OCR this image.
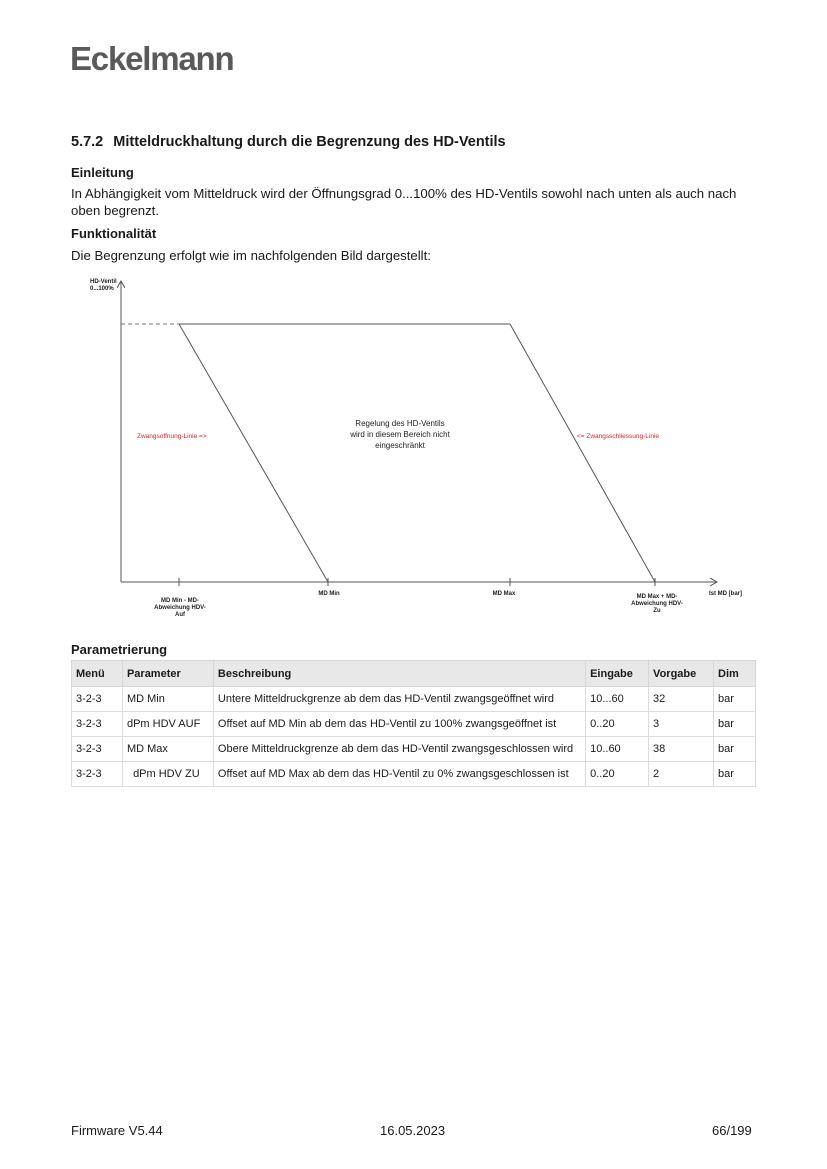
Eckelmann
5.7.2 Mitteldruckhaltung durch die Begrenzung des HD-Ventils
Einleitung
In Abhängigkeit vom Mitteldruck wird der Öffnungsgrad 0...100% des HD-Ventils sowohl nach unten als auch nach oben begrenzt.
Funktionalität
Die Begrenzung erfolgt wie im nachfolgenden Bild dargestellt:
HD-Ventil
0...100%
Ist MD [bar]
MD Min - MD-
Abweichung HDV-
Auf
MD Min	MD Max	MD Max + MD-
Abweichung HDV-
Zu
Zwangsoffnung-Linie =>	<= Zwangsschliessung-Linie
Regelung des HD-Ventils
wird in diesem Bereich nicht
eingeschränkt
Parametrierung
Menü	Parameter	Beschreibung	Eingabe	Vorgabe	Dim
3-2-3	MD Min	Untere Mitteldruckgrenze ab dem das HD-Ventil zwangsgeöffnet wird	10...60	32	bar
3-2-3	dPm HDV AUF	Offset auf MD Min ab dem das HD-Ventil zu 100% zwangsgeöffnet ist	0..20	3	bar
3-2-3	MD Max	Obere Mitteldruckgrenze ab dem das HD-Ventil zwangsgeschlossen wird	10..60	38	bar
3-2-3	dPm HDV ZU	Offset auf MD Max ab dem das HD-Ventil zu 0% zwangsgeschlossen ist	0..20	2	bar
Firmware V5.44	16.05.2023	66/199
